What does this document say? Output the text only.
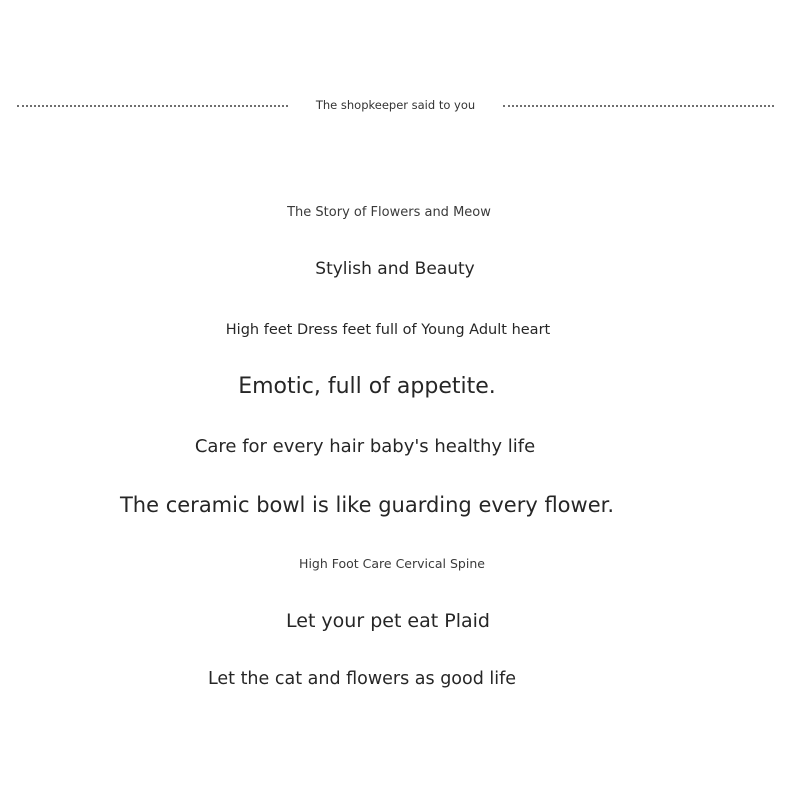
The shopkeeper said to you
The Story of Flowers and Meow
Stylish and Beauty
High feet Dress feet full of Young Adult heart
Emotic, full of appetite.
Care for every hair baby's healthy life
The ceramic bowl is like guarding every flower.
High Foot Care Cervical Spine
Let your pet eat Plaid
Let the cat and flowers as good life
